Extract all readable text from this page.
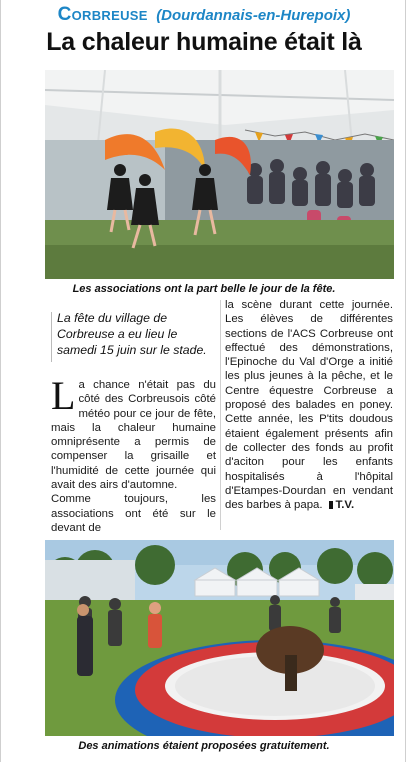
Corbreuse (Dourdannais-en-Hurepoix)
La chaleur humaine était là
Les associations ont la part belle le jour de la fête.
La fête du village de Corbreuse a eu lieu le samedi 15 juin sur le stade.
La chance n'était pas du côté des Corbreusois côté météo pour ce jour de fête, mais la chaleur humaine omniprésente a permis de compenser la grisaille et l'humidité de cette journée qui avait des airs d'automne.
Comme toujours, les associations ont été sur le devant de
la scène durant cette journée. Les élèves de différentes sections de l'ACS Corbreuse ont effectué des démonstrations, l'Epinoche du Val d'Orge a initié les plus jeunes à la pêche, et le Centre équestre Corbreuse a proposé des balades en poney. Cette année, les P'tits doudous étaient également présents afin de collecter des fonds au profit d'aciton pour les enfants hospitalisés à l'hôpital d'Etampes-Dourdan en vendant des barbes à papa. T.V.
Des animations étaient proposées gratuitement.
